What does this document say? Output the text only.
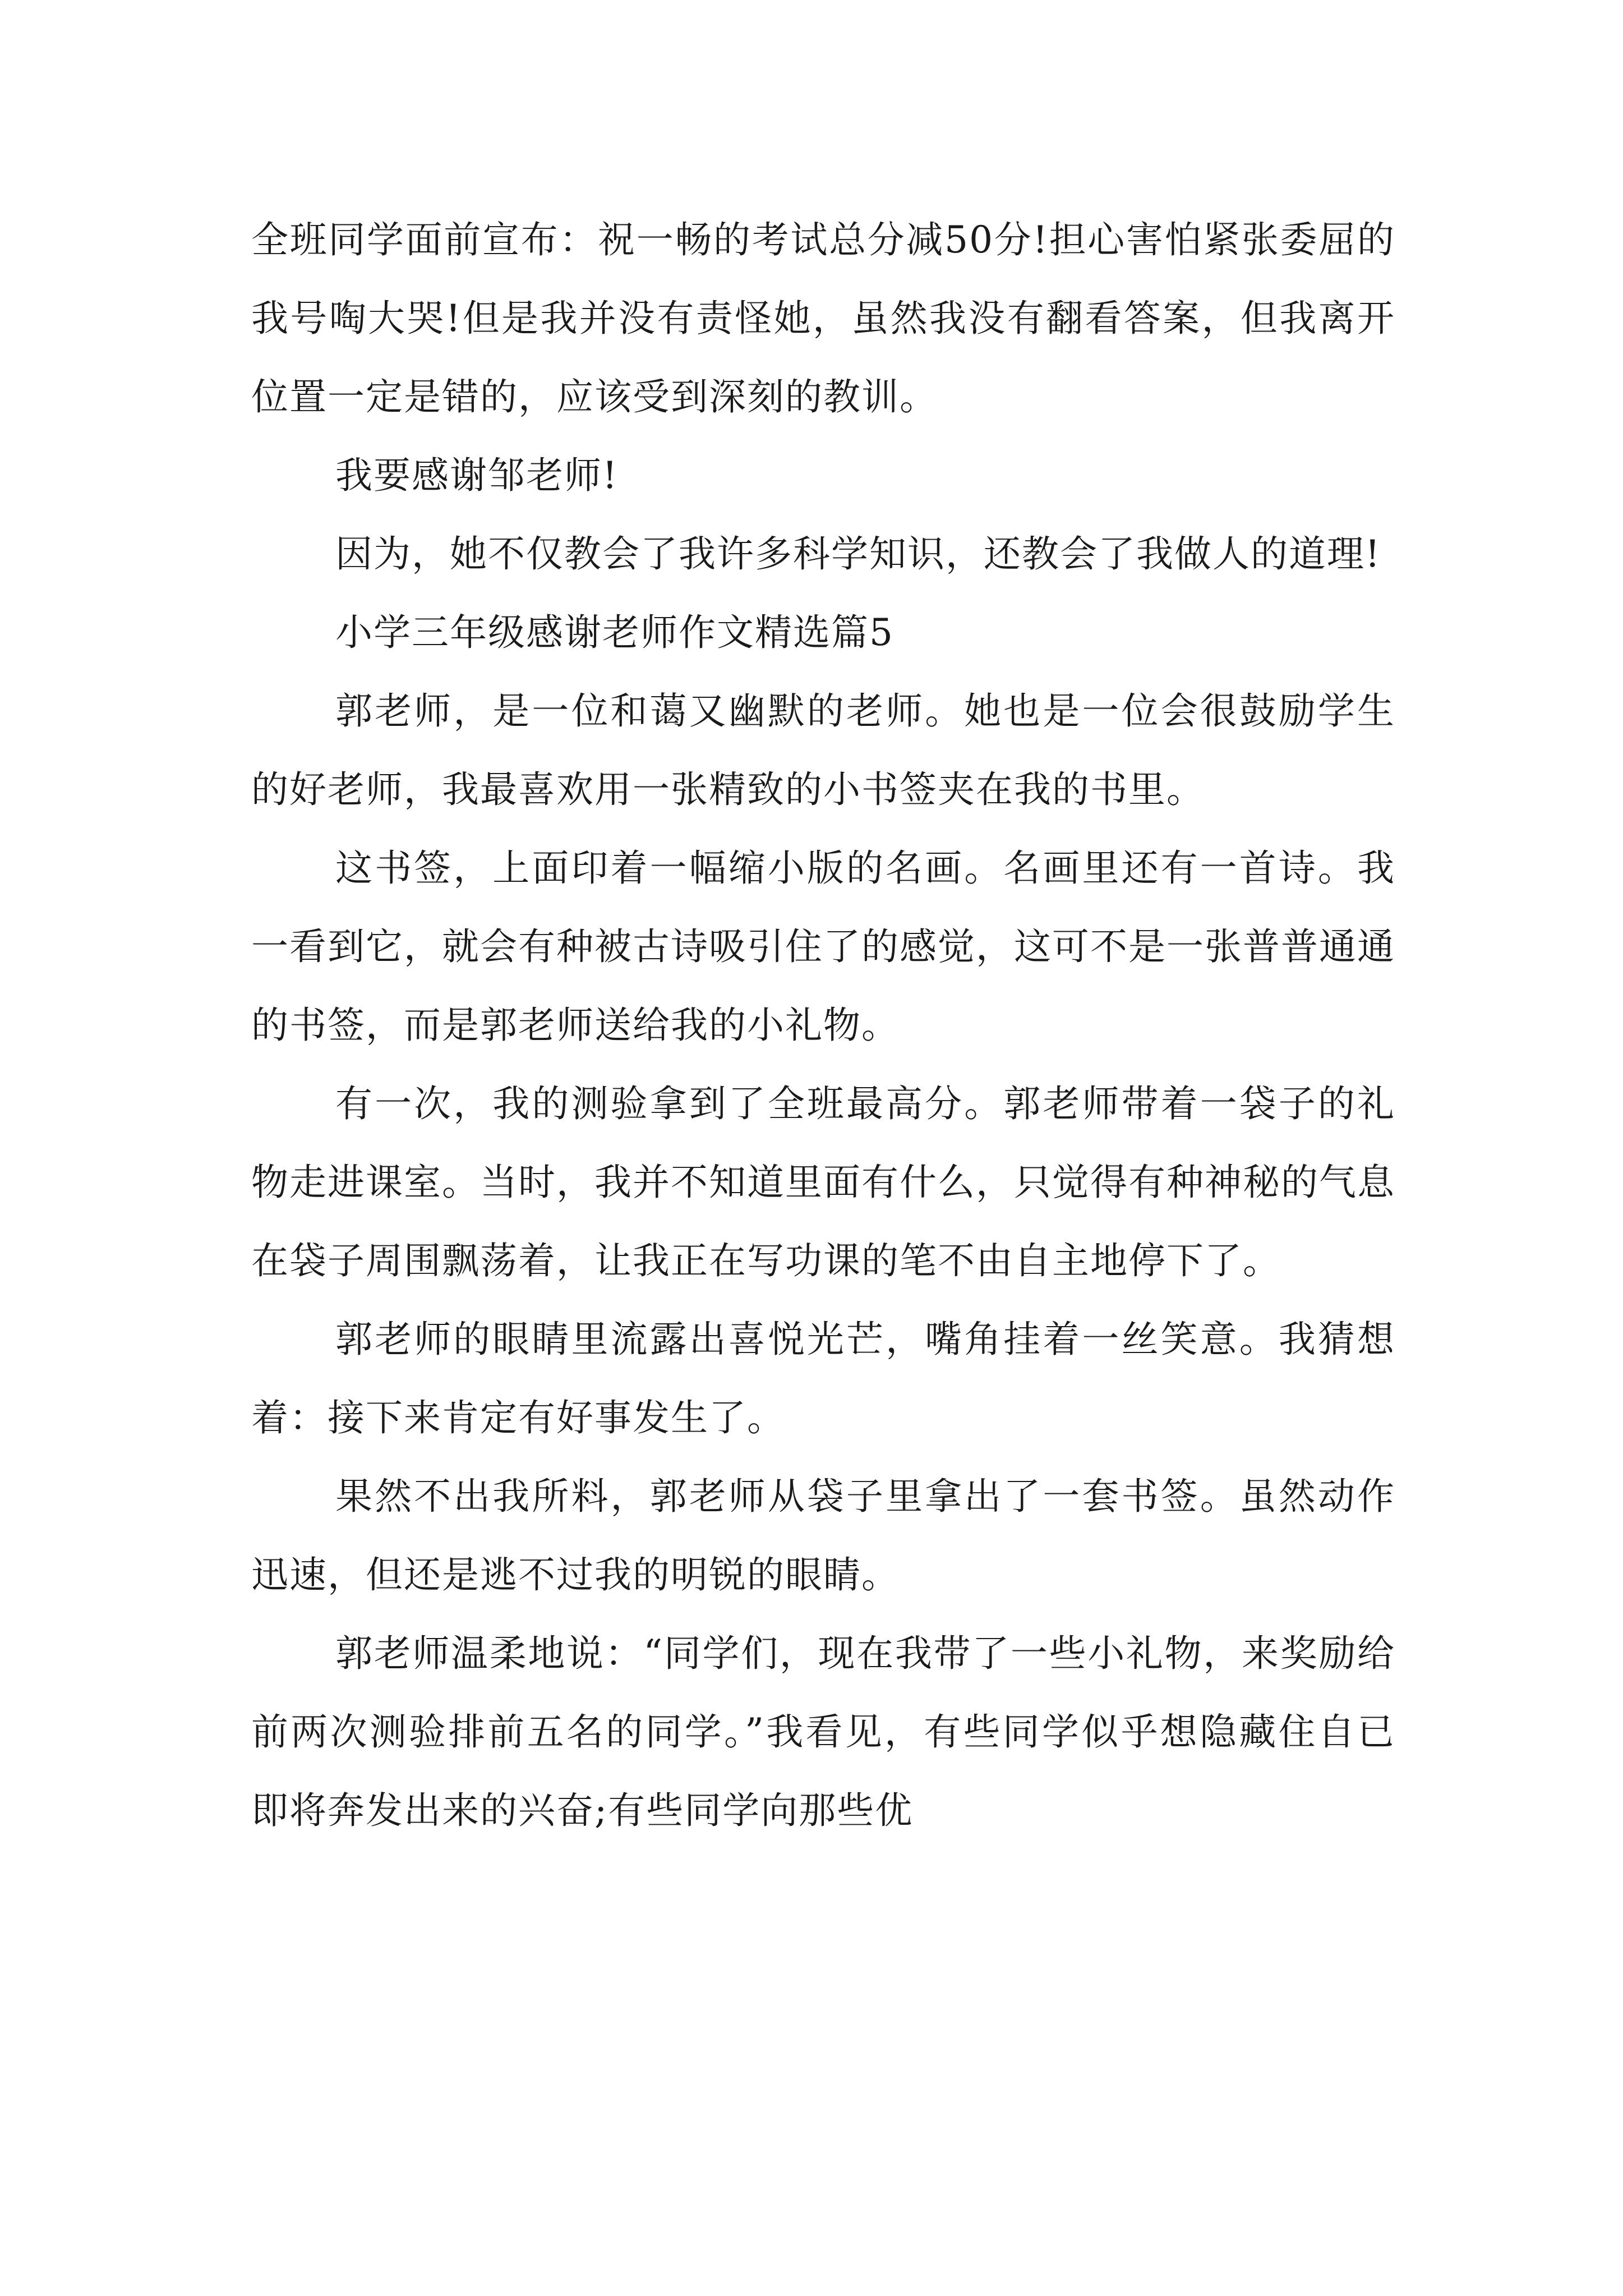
全班同学面前宣布：祝一畅的考试总分减50分!担心害怕紧张委屈的我号啕大哭!但是我并没有责怪她，虽然我没有翻看答案，但我离开位置一定是错的，应该受到深刻的教训。

我要感谢邹老师!

因为，她不仅教会了我许多科学知识，还教会了我做人的道理!

小学三年级感谢老师作文精选篇5

郭老师，是一位和蔼又幽默的老师。她也是一位会很鼓励学生的好老师，我最喜欢用一张精致的小书签夹在我的书里。

这书签，上面印着一幅缩小版的名画。名画里还有一首诗。我一看到它，就会有种被古诗吸引住了的感觉，这可不是一张普普通通的书签，而是郭老师送给我的小礼物。

有一次，我的测验拿到了全班最高分。郭老师带着一袋子的礼物走进课室。当时，我并不知道里面有什么，只觉得有种神秘的气息在袋子周围飘荡着，让我正在写功课的笔不由自主地停下了。

郭老师的眼睛里流露出喜悦光芒，嘴角挂着一丝笑意。我猜想着：接下来肯定有好事发生了。

果然不出我所料，郭老师从袋子里拿出了一套书签。虽然动作迅速，但还是逃不过我的明锐的眼睛。

郭老师温柔地说：“同学们，现在我带了一些小礼物，来奖励给前两次测验排前五名的同学。”我看见，有些同学似乎想隐藏住自已即将奔发出来的兴奋;有些同学向那些优
